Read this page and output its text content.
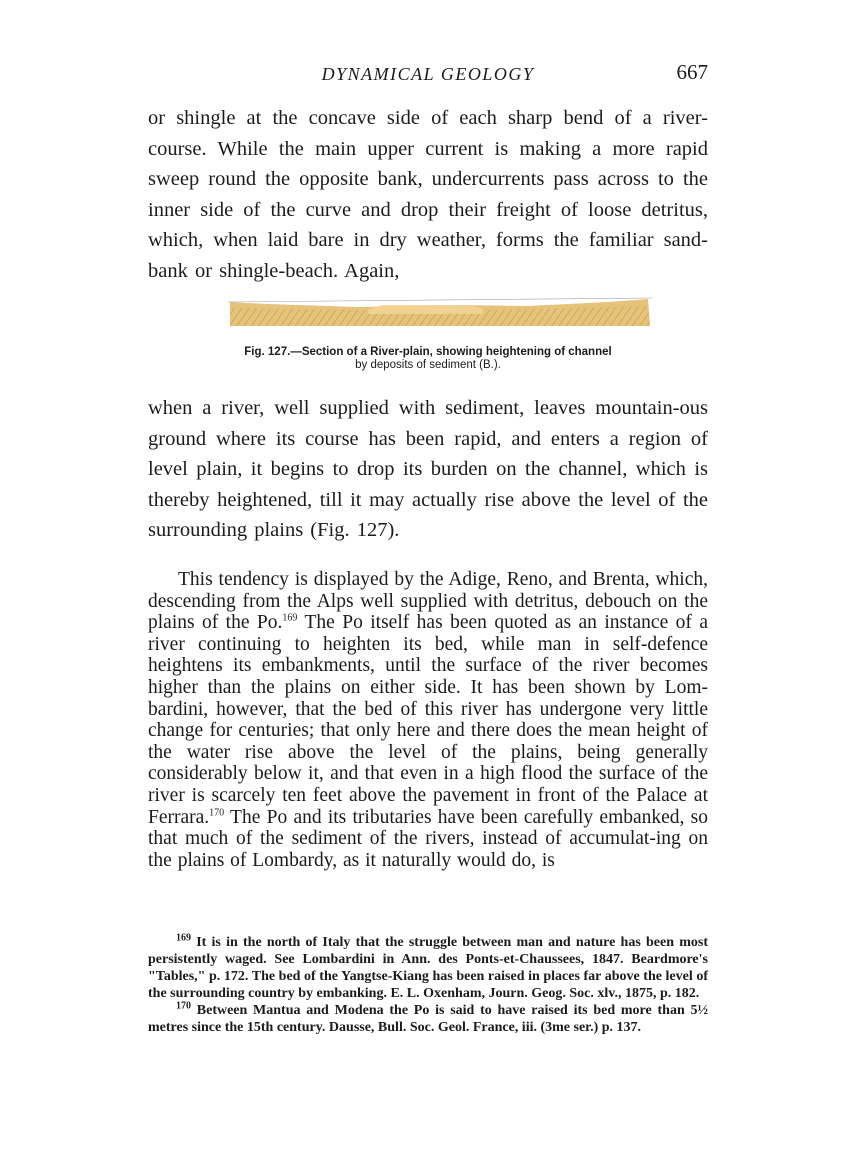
DYNAMICAL GEOLOGY	667

or shingle at the concave side of each sharp bend of a river-course. While the main upper current is making a more rapid sweep round the opposite bank, undercurrents pass across to the inner side of the curve and drop their freight of loose detritus, which, when laid bare in dry weather, forms the familiar sand-bank or shingle-beach. Again,

Fig. 127.—Section of a River-plain, showing heightening of channel
by deposits of sediment (B.).

when a river, well supplied with sediment, leaves mountain-ous ground where its course has been rapid, and enters a region of level plain, it begins to drop its burden on the channel, which is thereby heightened, till it may actually rise above the level of the surrounding plains (Fig. 127).

This tendency is displayed by the Adige, Reno, and Brenta, which, descending from the Alps well supplied with detritus, debouch on the plains of the Po.$^{169}$ The Po itself has been quoted as an instance of a river continuing to heighten its bed, while man in self-defence heightens its embankments, until the surface of the river becomes higher than the plains on either side. It has been shown by Lom-bardini, however, that the bed of this river has undergone very little change for centuries; that only here and there does the mean height of the water rise above the level of the plains, being generally considerably below it, and that even in a high flood the surface of the river is scarcely ten feet above the pavement in front of the Palace at Ferrara.$^{170}$ The Po and its tributaries have been carefully embanked, so that much of the sediment of the rivers, instead of accumulat-ing on the plains of Lombardy, as it naturally would do, is

$^{169}$ It is in the north of Italy that the struggle between man and nature has been most persistently waged. See Lombardini in Ann. des Ponts-et-Chaussees, 1847. Beardmore's "Tables," p. 172. The bed of the Yangtse-Kiang has been raised in places far above the level of the surrounding country by embanking. E. L. Oxenham, Journ. Geog. Soc. xlv., 1875, p. 182.

$^{170}$ Between Mantua and Modena the Po is said to have raised its bed more than 5½ metres since the 15th century. Dausse, Bull. Soc. Geol. France, iii. (3me ser.) p. 137.
